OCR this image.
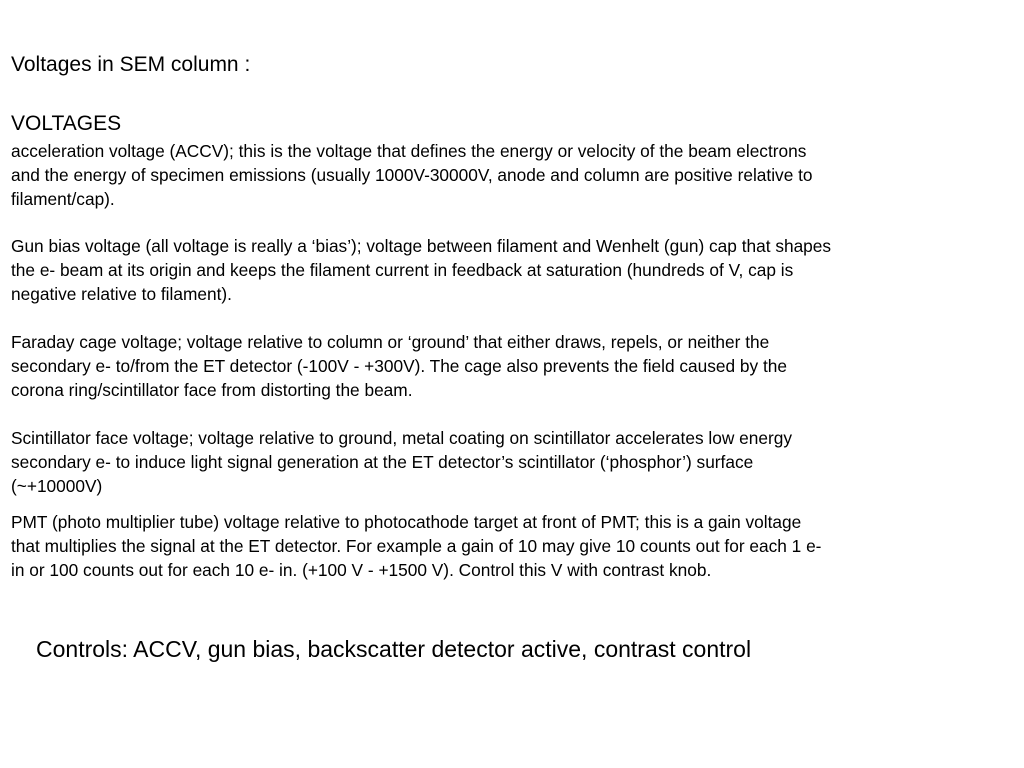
Voltages in SEM column :
VOLTAGES
acceleration voltage (ACCV); this is the voltage that defines the energy or velocity of the beam electrons
and the energy of specimen emissions (usually 1000V-30000V, anode and column are positive relative to
filament/cap).
Gun bias voltage (all voltage is really a ‘bias’); voltage between filament and Wenhelt (gun) cap that shapes
the e- beam at its origin and keeps the filament current in feedback at saturation (hundreds of V, cap is
negative relative to filament).
Faraday cage voltage; voltage relative to column or ‘ground’ that either draws, repels, or neither the
secondary e- to/from the ET detector (-100V - +300V). The cage also prevents the field caused by the
corona ring/scintillator face from distorting the beam.
Scintillator face voltage; voltage relative to ground, metal coating on scintillator accelerates low energy
secondary e- to induce light signal generation at the ET detector’s scintillator (‘phosphor’) surface
(~+10000V)
PMT (photo multiplier tube) voltage relative to photocathode target at front of PMT; this is a gain voltage
that multiplies the signal at the ET detector. For example a gain of 10 may give 10 counts out for each 1 e-
in or 100 counts out for each 10 e- in. (+100 V - +1500 V). Control this V with contrast knob.
Controls: ACCV, gun bias, backscatter detector active, contrast control
